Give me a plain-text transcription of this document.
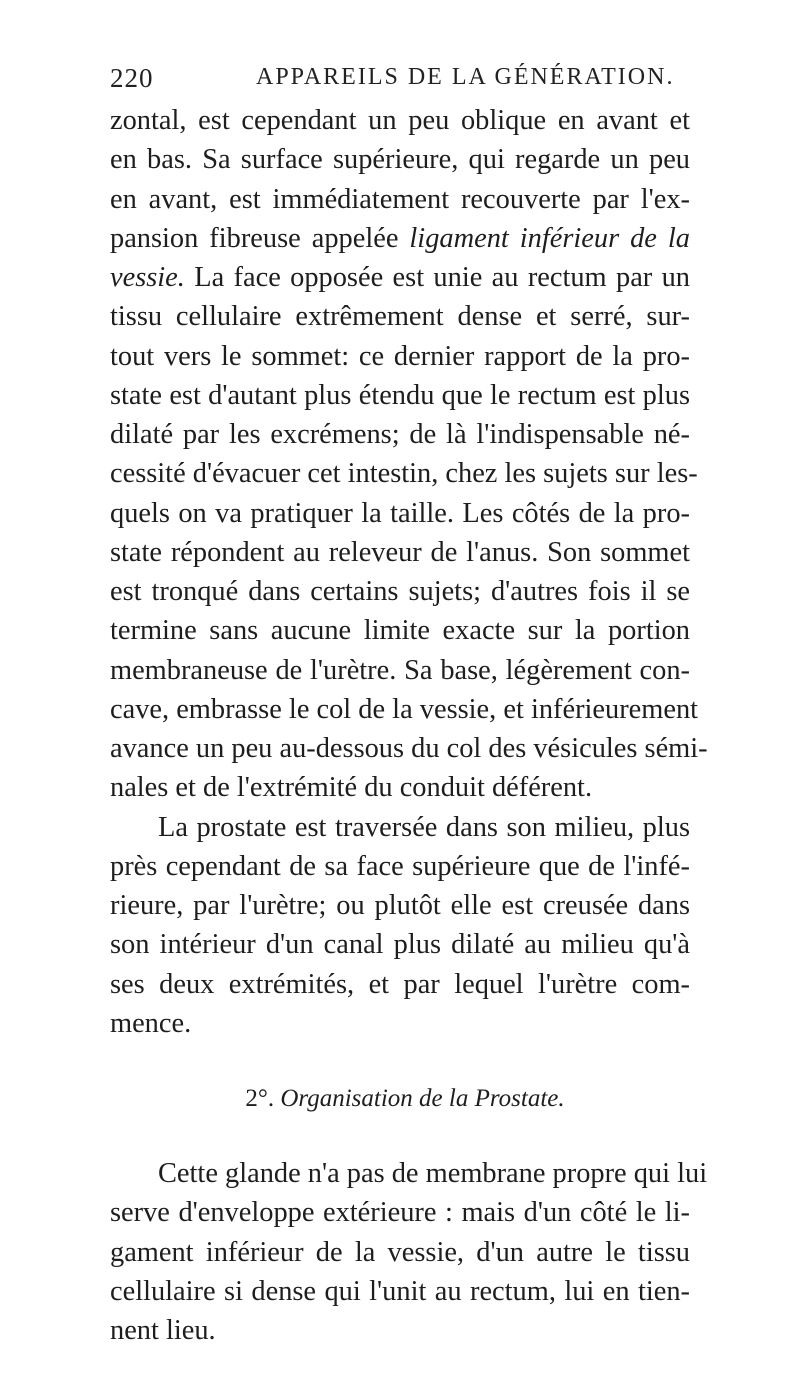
220	APPAREILS DE LA GÉNÉRATION.
zontal, est cependant un peu oblique en avant et
en bas. Sa surface supérieure, qui regarde un peu
en avant, est immédiatement recouverte par l'ex-
pansion fibreuse appelée ligament inférieur de la
vessie. La face opposée est unie au rectum par un
tissu cellulaire extrêmement dense et serré, sur-
tout vers le sommet: ce dernier rapport de la pro-
state est d'autant plus étendu que le rectum est plus
dilaté par les excrémens; de là l'indispensable né-
cessité d'évacuer cet intestin, chez les sujets sur les-
quels on va pratiquer la taille. Les côtés de la pro-
state répondent au releveur de l'anus. Son sommet
est tronqué dans certains sujets; d'autres fois il se
termine sans aucune limite exacte sur la portion
membraneuse de l'urètre. Sa base, légèrement con-
cave, embrasse le col de la vessie, et inférieurement
avance un peu au-dessous du col des vésicules sémi-
nales et de l'extrémité du conduit déférent.
La prostate est traversée dans son milieu, plus
près cependant de sa face supérieure que de l'infé-
rieure, par l'urètre; ou plutôt elle est creusée dans
son intérieur d'un canal plus dilaté au milieu qu'à
ses deux extrémités, et par lequel l'urètre com-
mence.
2°. Organisation de la Prostate.
Cette glande n'a pas de membrane propre qui lui
serve d'enveloppe extérieure : mais d'un côté le li-
gament inférieur de la vessie, d'un autre le tissu
cellulaire si dense qui l'unit au rectum, lui en tien-
nent lieu.
